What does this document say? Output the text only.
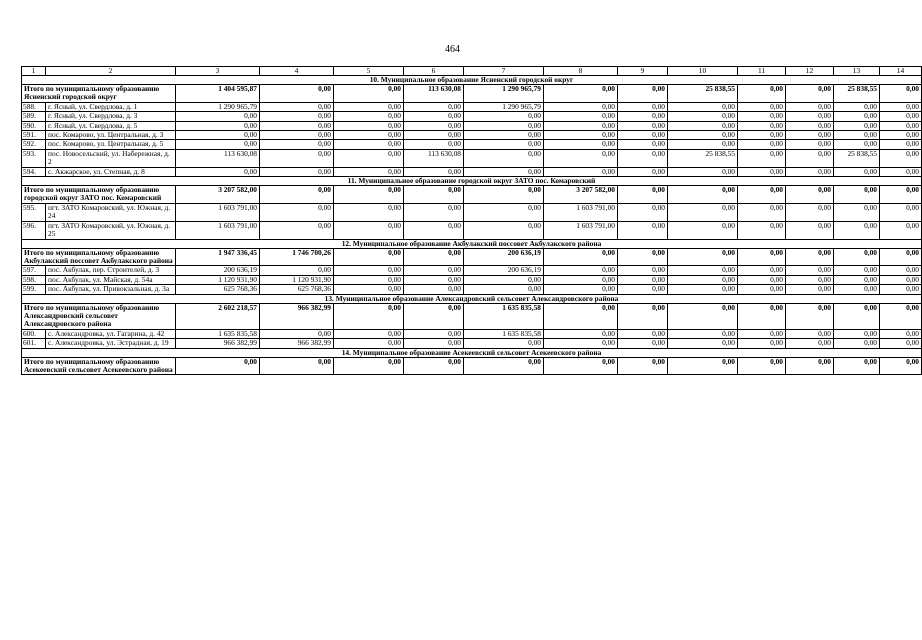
464
1	2	3	4	5	6	7	8	9	10	11	12	13	14
10. Муниципальное образование Ясненский городской округ													
Итого по муниципальному образованию Ясненский городской округ		1 404 595,87	0,00	0,00	113 630,08	1 290 965,79	0,00	0,00	25 838,55	0,00	0,00	25 838,55	0,00
588.	г. Ясный, ул. Свердлова, д. 1	1 290 965,79	0,00	0,00	0,00	1 290 965,79	0,00	0,00	0,00	0,00	0,00	0,00	0,00
589.	г. Ясный, ул. Свердлова, д. 3	0,00	0,00	0,00	0,00	0,00	0,00	0,00	0,00	0,00	0,00	0,00	0,00
590.	г. Ясный, ул. Свердлова, д. 5	0,00	0,00	0,00	0,00	0,00	0,00	0,00	0,00	0,00	0,00	0,00	0,00
591.	пос. Комарово, ул. Центральная, д. 3	0,00	0,00	0,00	0,00	0,00	0,00	0,00	0,00	0,00	0,00	0,00	0,00
592.	пос. Комарово, ул. Центральная, д. 5	0,00	0,00	0,00	0,00	0,00	0,00	0,00	0,00	0,00	0,00	0,00	0,00
593.	пос. Новосельский, ул. Набережная, д. 2	113 630,08	0,00	0,00	113 630,08	0,00	0,00	0,00	25 838,55	0,00	0,00	25 838,55	0,00
594.	с. Акжарское, ул. Степная, д. 8	0,00	0,00	0,00	0,00	0,00	0,00	0,00	0,00	0,00	0,00	0,00	0,00
11. Муниципальное образование городской округ ЗАТО пос. Комаровский													
Итого по муниципальному образованию городской округ ЗАТО пос. Комаровский		3 207 582,00	0,00	0,00	0,00	0,00	3 207 582,00	0,00	0,00	0,00	0,00	0,00	0,00
595.	пгт. ЗАТО Комаровский, ул. Южная, д. 24	1 603 791,00	0,00	0,00	0,00	0,00	1 603 791,00	0,00	0,00	0,00	0,00	0,00	0,00
596.	пгт. ЗАТО Комаровский, ул. Южная, д. 25	1 603 791,00	0,00	0,00	0,00	0,00	1 603 791,00	0,00	0,00	0,00	0,00	0,00	0,00
12. Муниципальное образование Акбулакский поссовет Акбулакского района													
Итого по муниципальному образованию Акбулакский поссовет Акбулакского района		1 947 336,45	1 746 700,26	0,00	0,00	200 636,19	0,00	0,00	0,00	0,00	0,00	0,00	0,00
597.	пос. Акбулак, пер. Строителей, д. 3	200 636,19	0,00	0,00	0,00	200 636,19	0,00	0,00	0,00	0,00	0,00	0,00	0,00
598.	пос. Акбулак, ул. Майская, д. 54а	1 120 931,90	1 120 931,90	0,00	0,00	0,00	0,00	0,00	0,00	0,00	0,00	0,00	0,00
599.	пос. Акбулак, ул. Привокзальная, д. 3а	625 768,36	625 768,36	0,00	0,00	0,00	0,00	0,00	0,00	0,00	0,00	0,00	0,00
13. Муниципальное образование Александровский сельсовет Александровского района													
Итого по муниципальному образованию Александровский сельсовет Александровского района		2 602 218,57	966 382,99	0,00	0,00	1 635 835,58	0,00	0,00	0,00	0,00	0,00	0,00	0,00
600.	с. Александровка, ул. Гагарина, д. 42	1 635 835,58	0,00	0,00	0,00	1 635 835,58	0,00	0,00	0,00	0,00	0,00	0,00	0,00
601.	с. Александровка, ул. Эстрадная, д. 19	966 382,99	966 382,99	0,00	0,00	0,00	0,00	0,00	0,00	0,00	0,00	0,00	0,00
14. Муниципальное образование Асекеевский сельсовет Асекеевского района													
Итого по муниципальному образованию Асекеевский сельсовет Асекеевского района		0,00	0,00	0,00	0,00	0,00	0,00	0,00	0,00	0,00	0,00	0,00	0,00
